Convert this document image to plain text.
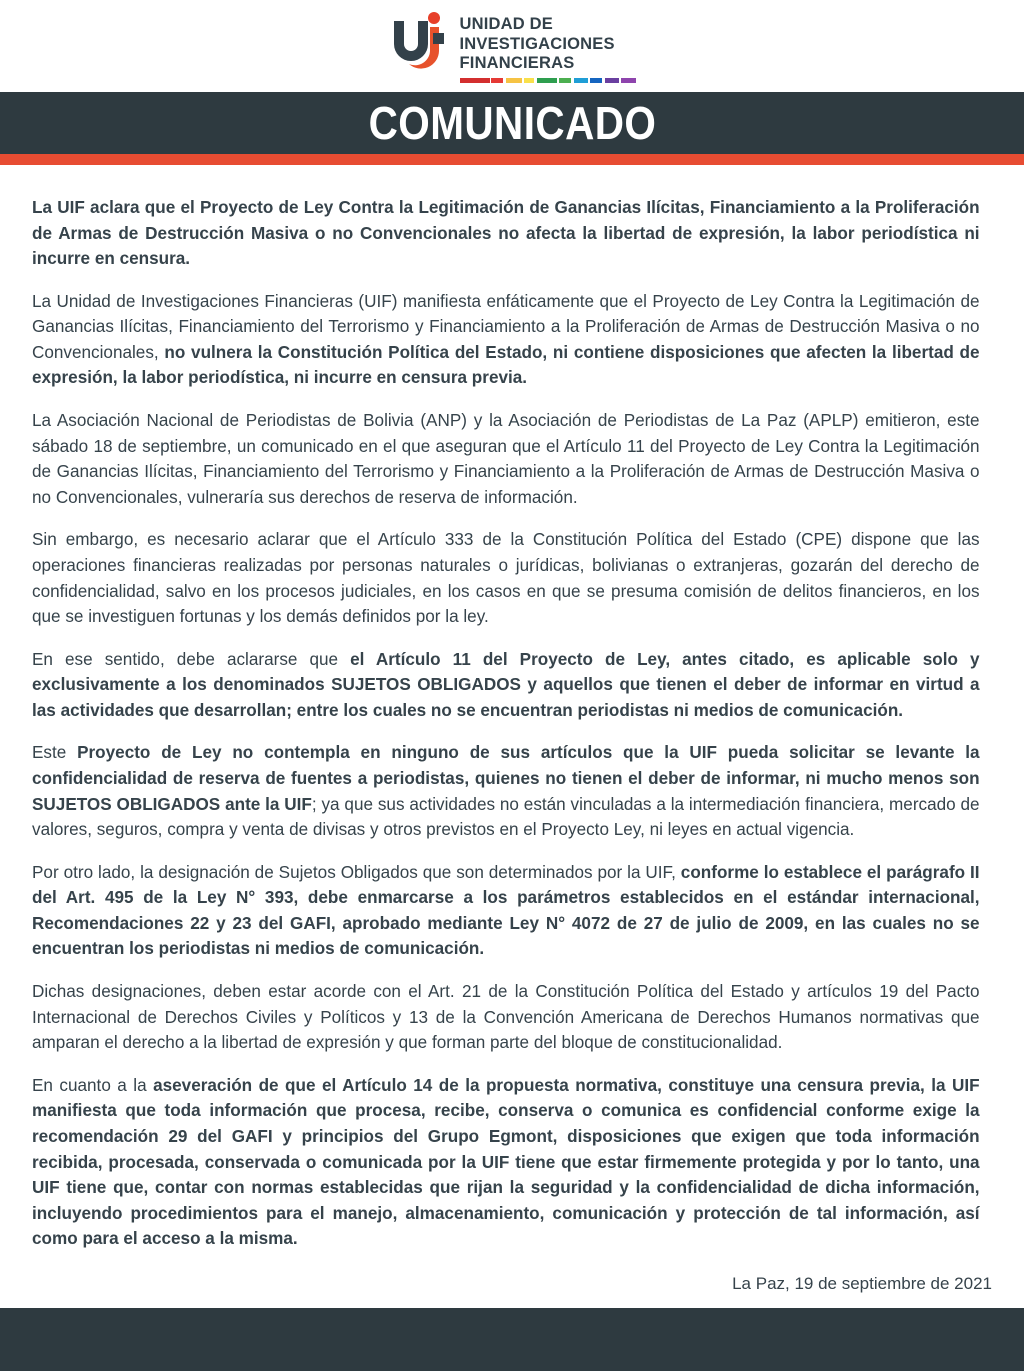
UNIDAD DE
INVESTIGACIONES
FINANCIERAS
COMUNICADO

La UIF aclara que el Proyecto de Ley Contra la Legitimación de Ganancias Ilícitas, Financiamiento a la Proliferación de Armas de Destrucción Masiva o no Convencionales no afecta la libertad de expresión, la labor periodística ni incurre en censura.

La Unidad de Investigaciones Financieras (UIF) manifiesta enfáticamente que el Proyecto de Ley Contra la Legitimación de Ganancias Ilícitas, Financiamiento del Terrorismo y Financiamiento a la Proliferación de Armas de Destrucción Masiva o no Convencionales, no vulnera la Constitución Política del Estado, ni contiene disposiciones que afecten la libertad de expresión, la labor periodística, ni incurre en censura previa.

La Asociación Nacional de Periodistas de Bolivia (ANP) y la Asociación de Periodistas de La Paz (APLP) emitieron, este sábado 18 de septiembre, un comunicado en el que aseguran que el Artículo 11 del Proyecto de Ley Contra la Legitimación de Ganancias Ilícitas, Financiamiento del Terrorismo y Financiamiento a la Proliferación de Armas de Destrucción Masiva o no Convencionales, vulneraría sus derechos de reserva de información.

Sin embargo, es necesario aclarar que el Artículo 333 de la Constitución Política del Estado (CPE) dispone que las operaciones financieras realizadas por personas naturales o jurídicas, bolivianas o extranjeras, gozarán del derecho de confidencialidad, salvo en los procesos judiciales, en los casos en que se presuma comisión de delitos financieros, en los que se investiguen fortunas y los demás definidos por la ley.

En ese sentido, debe aclararse que el Artículo 11 del Proyecto de Ley, antes citado, es aplicable solo y exclusivamente a los denominados SUJETOS OBLIGADOS y aquellos que tienen el deber de informar en virtud a las actividades que desarrollan; entre los cuales no se encuentran periodistas ni medios de comunicación.

Este Proyecto de Ley no contempla en ninguno de sus artículos que la UIF pueda solicitar se levante la confidencialidad de reserva de fuentes a periodistas, quienes no tienen el deber de informar, ni mucho menos son SUJETOS OBLIGADOS ante la UIF; ya que sus actividades no están vinculadas a la intermediación financiera, mercado de valores, seguros, compra y venta de divisas y otros previstos en el Proyecto Ley, ni leyes en actual vigencia.

Por otro lado, la designación de Sujetos Obligados que son determinados por la UIF, conforme lo establece el parágrafo II del Art. 495 de la Ley N° 393, debe enmarcarse a los parámetros establecidos en el estándar internacional, Recomendaciones 22 y 23 del GAFI, aprobado mediante Ley N° 4072 de 27 de julio de 2009, en las cuales no se encuentran los periodistas ni medios de comunicación.

Dichas designaciones, deben estar acorde con el Art. 21 de la Constitución Política del Estado y artículos 19 del Pacto Internacional de Derechos Civiles y Políticos y 13 de la Convención Americana de Derechos Humanos normativas que amparan el derecho a la libertad de expresión y que forman parte del bloque de constitucionalidad.

En cuanto a la aseveración de que el Artículo 14 de la propuesta normativa, constituye una censura previa, la UIF manifiesta que toda información que procesa, recibe, conserva o comunica es confidencial conforme exige la recomendación 29 del GAFI y principios del Grupo Egmont, disposiciones que exigen que toda información recibida, procesada, conservada o comunicada por la UIF tiene que estar firmemente protegida y por lo tanto, una UIF tiene que, contar con normas establecidas que rijan la seguridad y la confidencialidad de dicha información, incluyendo procedimientos para el manejo, almacenamiento, comunicación y protección de tal información, así como para el acceso a la misma.

La Paz, 19 de septiembre de 2021
